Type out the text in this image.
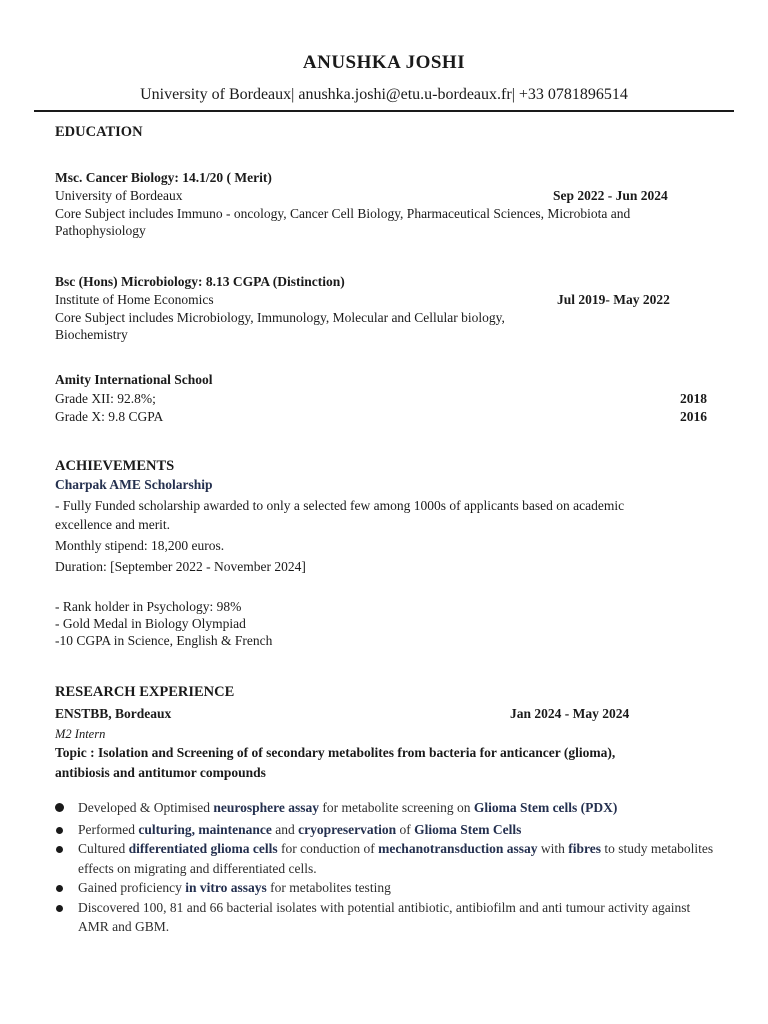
ANUSHKA JOSHI
University of Bordeaux| anushka.joshi@etu.u-bordeaux.fr| +33 0781896514
EDUCATION
Msc. Cancer Biology: 14.1/20 ( Merit)
University of Bordeaux	Sep 2022 - Jun 2024
Core Subject includes Immuno - oncology, Cancer Cell Biology, Pharmaceutical Sciences, Microbiota and
Pathophysiology
Bsc (Hons) Microbiology: 8.13 CGPA (Distinction)
Institute of Home Economics	Jul 2019- May 2022
Core Subject includes Microbiology, Immunology, Molecular and Cellular biology,
Biochemistry
Amity International School
Grade XII: 92.8%;	2018
Grade X: 9.8 CGPA	2016
ACHIEVEMENTS
Charpak AME Scholarship
- Fully Funded scholarship awarded to only a selected few among 1000s of applicants based on academic
excellence and merit.
Monthly stipend: 18,200 euros.
Duration: [September 2022 - November 2024]
- Rank holder in Psychology: 98%
- Gold Medal in Biology Olympiad
-10 CGPA in Science, English & French
RESEARCH EXPERIENCE
ENSTBB, Bordeaux	Jan 2024 - May 2024
M2 Intern
Topic : Isolation and Screening of of secondary metabolites from bacteria for anticancer (glioma),
antibiosis and antitumor compounds
Developed & Optimised neurosphere assay for metabolite screening on Glioma Stem cells (PDX)
Performed culturing, maintenance and cryopreservation of Glioma Stem Cells
Cultured differentiated glioma cells for conduction of mechanotransduction assay with fibres to study metabolites effects on migrating and differentiated cells.
Gained proficiency in vitro assays for metabolites testing
Discovered 100, 81 and 66 bacterial isolates with potential antibiotic, antibiofilm and anti tumour activity against AMR and GBM.
